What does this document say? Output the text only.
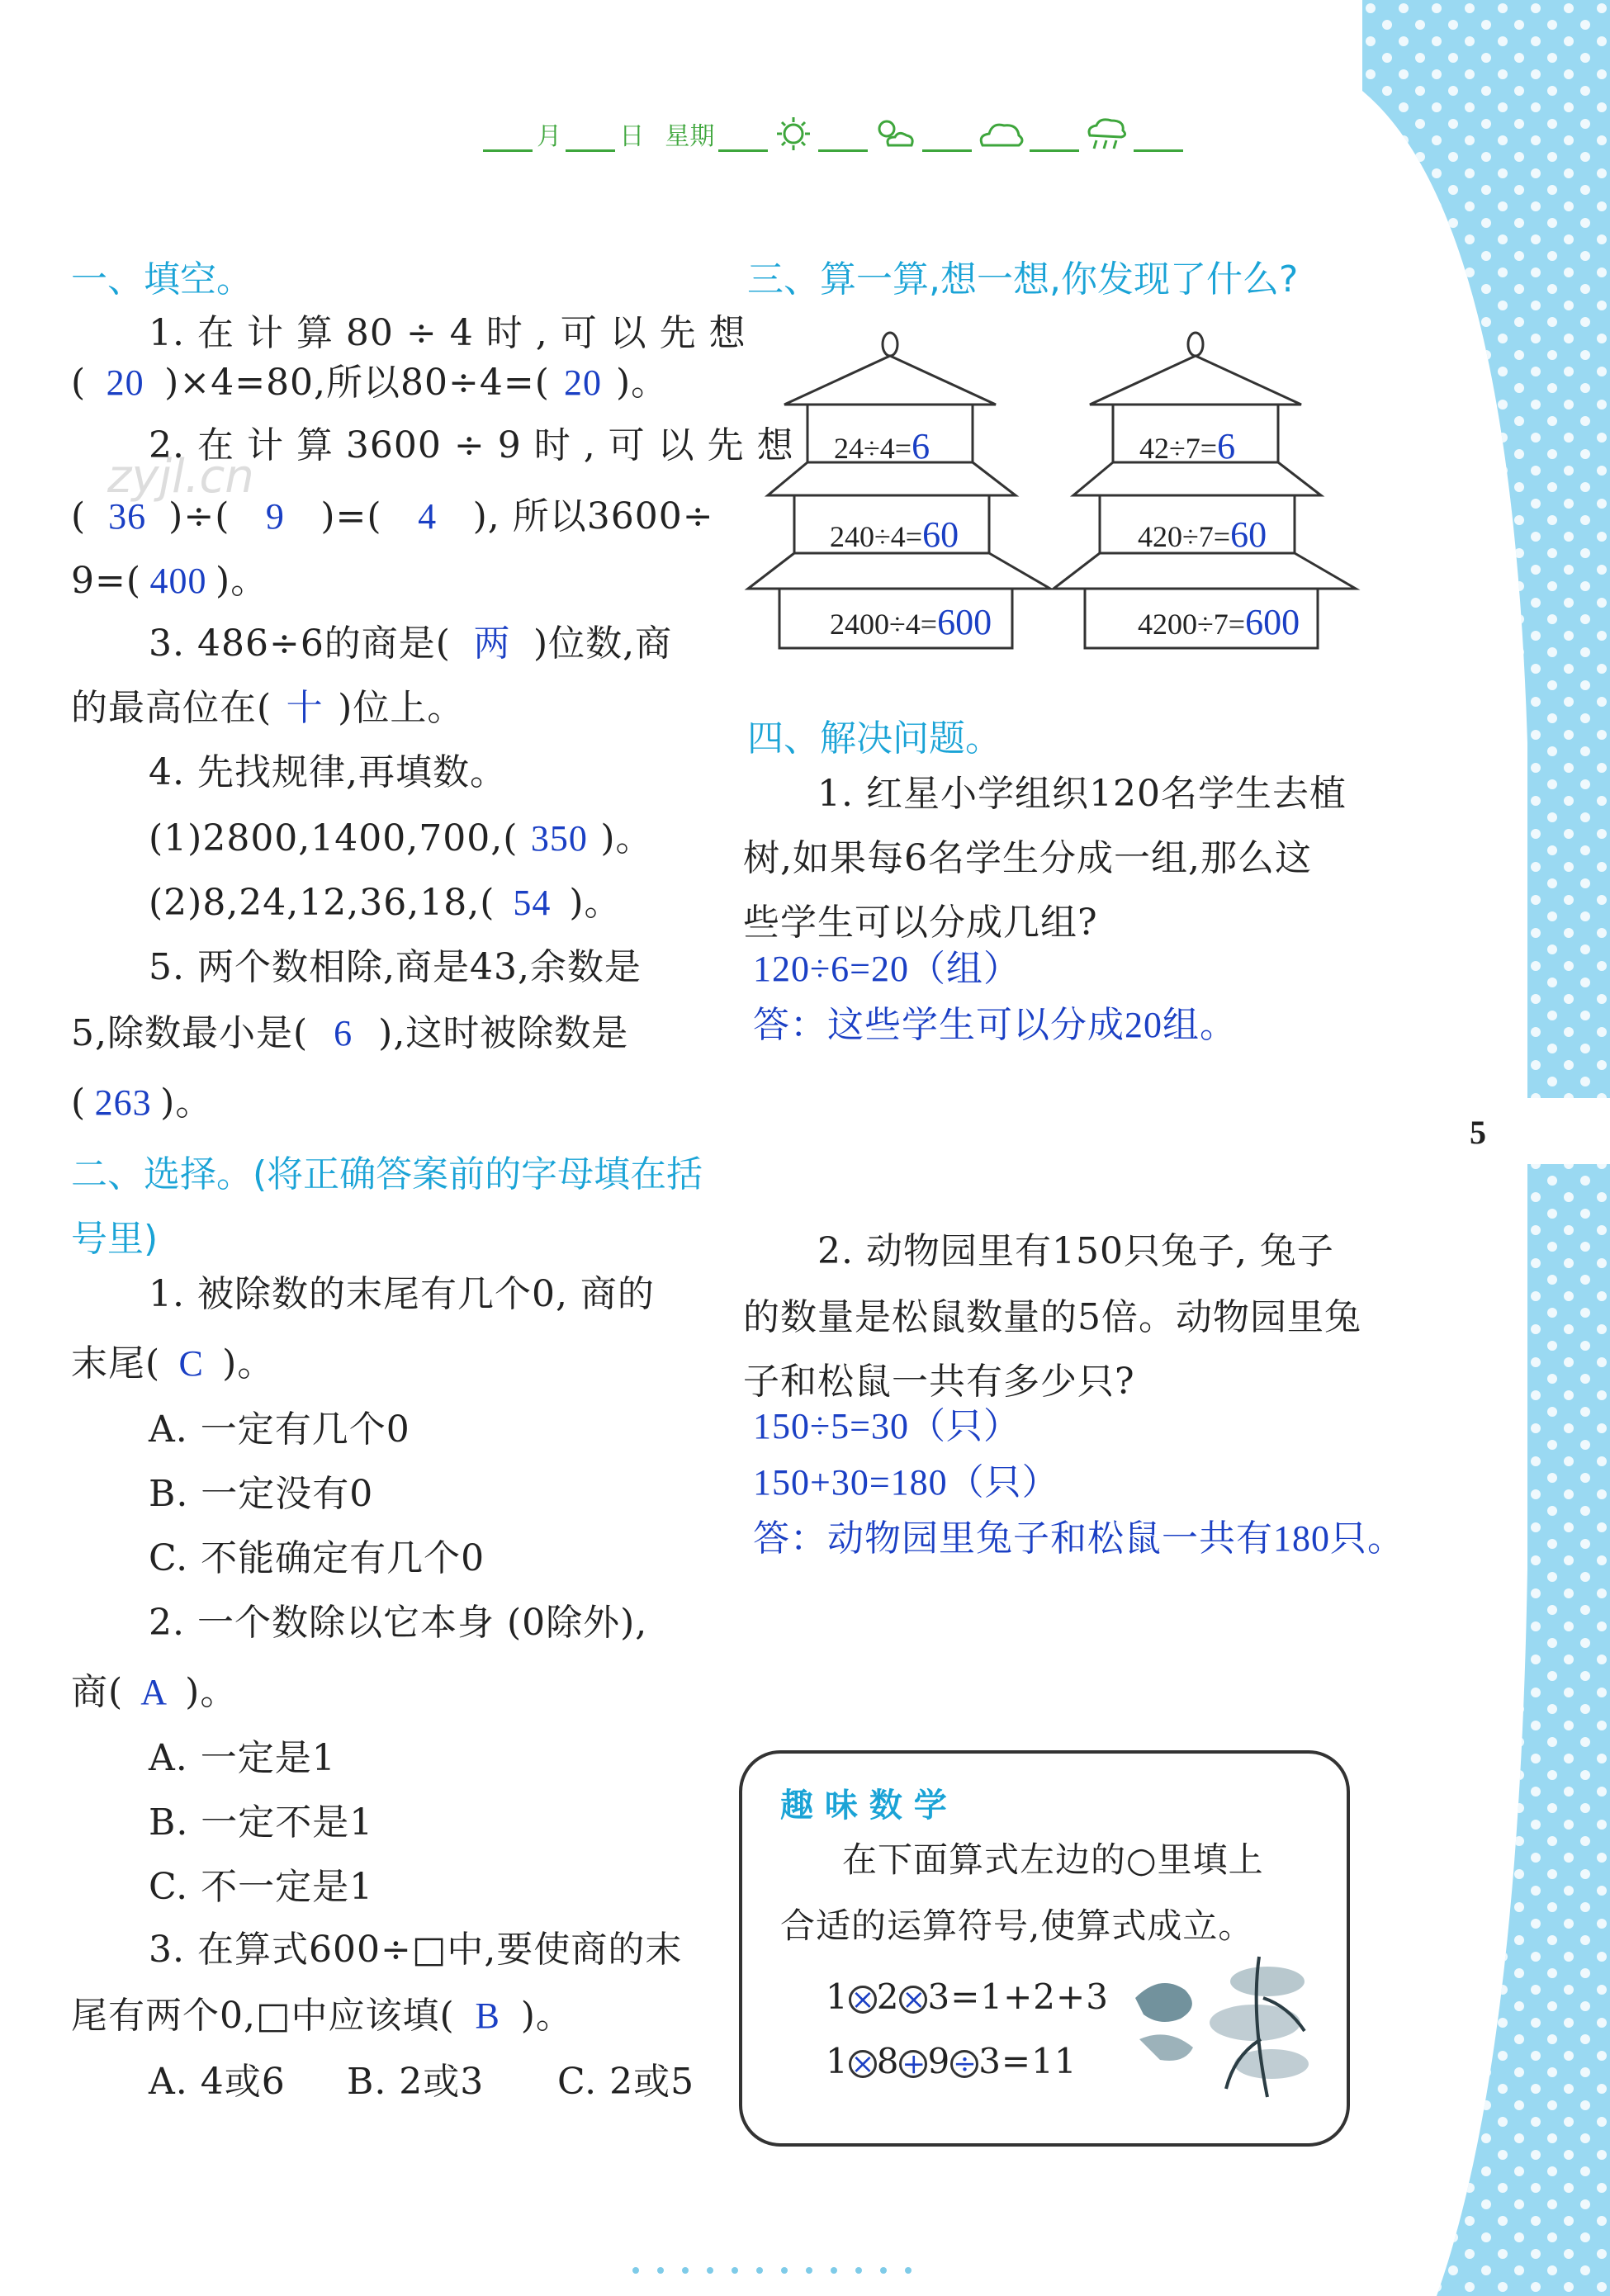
5
月 日 星期
zyjl.cn
一、填空。
1. 在 计 算 80 ÷ 4 时 , 可 以 先 想
( 20 )×4=80,所以80÷4=( 20 )。
2. 在 计 算 3600 ÷ 9 时 , 可 以 先 想
( 36 )÷( 9 )=( 4 ), 所以3600÷
9=( 400 )。
3. 486÷6的商是( 两 )位数,商
的最高位在( 十 )位上。
4. 先找规律,再填数。
(1)2800,1400,700,( 350 )。
(2)8,24,12,36,18,( 54 )。
5. 两个数相除,商是43,余数是
5,除数最小是( 6 ),这时被除数是
( 263 )。
二、选择。(将正确答案前的字母填在括
号里)
1. 被除数的末尾有几个0, 商的
末尾( C )。
A. 一定有几个0
B. 一定没有0
C. 不能确定有几个0
2. 一个数除以它本身 (0除外),
商( A )。
A. 一定是1
B. 一定不是1
C. 不一定是1
3. 在算式600÷□中,要使商的末
尾有两个0,□中应该填( B )。
A. 4或6 B. 2或3 C. 2或5
三、算一算,想一想,你发现了什么?
24÷4=6
240÷4=60
2400÷4=600
42÷7=6
420÷7=60
4200÷7=600
四、解决问题。
1. 红星小学组织120名学生去植
树,如果每6名学生分成一组,那么这
些学生可以分成几组?
120÷6=20（组）
答：这些学生可以分成20组。
2. 动物园里有150只兔子, 兔子
的数量是松鼠数量的5倍。动物园里兔
子和松鼠一共有多少只?
150÷5=30（只）
150+30=180（只）
答：动物园里兔子和松鼠一共有180只。
趣 味 数 学
在下面算式左边的○里填上
合适的运算符号,使算式成立。
1 × 2 × 3=1+2+3
1 × 8 + 9 ÷ 3=11
